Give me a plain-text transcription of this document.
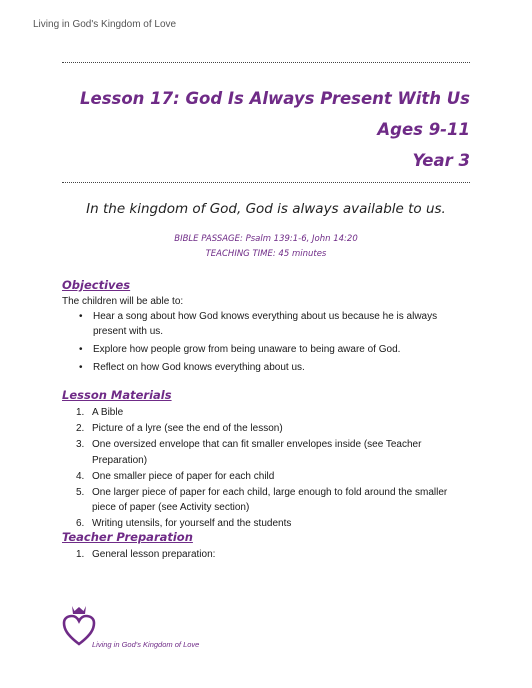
Living in God's Kingdom of Love
Lesson 17: God Is Always Present With Us
Ages 9-11
Year 3
In the kingdom of God, God is always available to us.
BIBLE PASSAGE: Psalm 139:1-6, John 14:20
TEACHING TIME: 45 minutes
Objectives
The children will be able to:
• Hear a song about how God knows everything about us because he is always present with us.
• Explore how people grow from being unaware to being aware of God.
• Reflect on how God knows everything about us.
Lesson Materials
1. A Bible
2. Picture of a lyre (see the end of the lesson)
3. One oversized envelope that can fit smaller envelopes inside (see Teacher Preparation)
4. One smaller piece of paper for each child
5. One larger piece of paper for each child, large enough to fold around the smaller piece of paper (see Activity section)
6. Writing utensils, for yourself and the students
Teacher Preparation
1. General lesson preparation:
Living in God's Kingdom of Love
